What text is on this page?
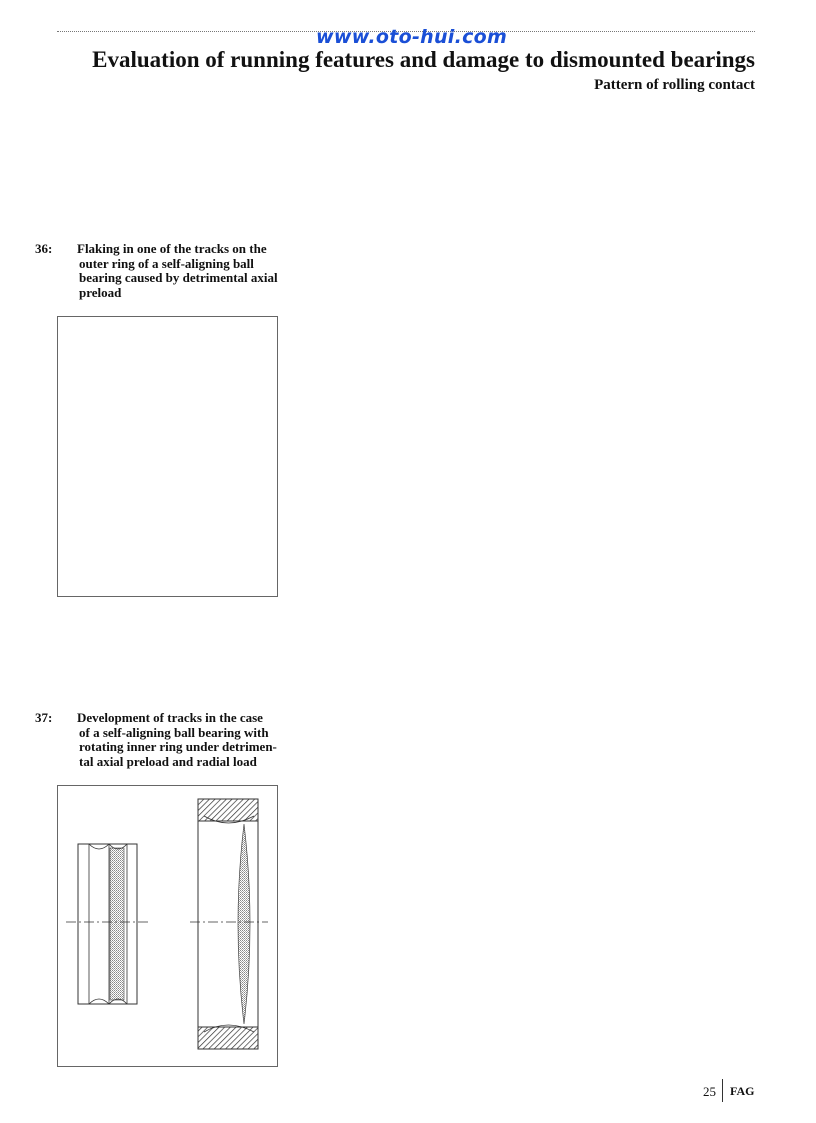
www.oto-hui.com
Evaluation of running features and damage to dismounted bearings
Pattern of rolling contact
36: Flaking in one of the tracks on the
outer ring of a self-aligning ball
bearing caused by detrimental axial
preload
37: Development of tracks in the case
of a self-aligning ball bearing with
rotating inner ring under detrimen-
tal axial preload and radial load
25 FAG
